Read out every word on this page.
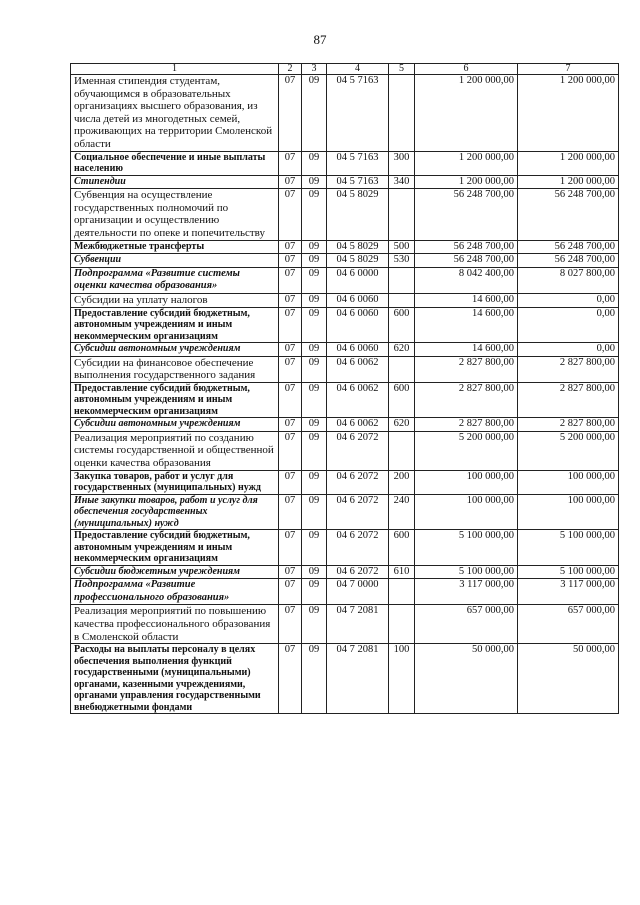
87
1	2	3	4	5	6	7
Именная стипендия студентам, обучающимся в образовательных организациях высшего образования, из числа детей из многодетных семей, проживающих на территории Смоленской области	07	09	04 5 7163		1 200 000,00	1 200 000,00
Социальное обеспечение и иные выплаты населению	07	09	04 5 7163	300	1 200 000,00	1 200 000,00
Стипендии	07	09	04 5 7163	340	1 200 000,00	1 200 000,00
Субвенция на осуществление государственных полномочий по организации и осуществлению деятельности по опеке и попечительству	07	09	04 5 8029		56 248 700,00	56 248 700,00
Межбюджетные трансферты	07	09	04 5 8029	500	56 248 700,00	56 248 700,00
Субвенции	07	09	04 5 8029	530	56 248 700,00	56 248 700,00
Подпрограмма «Развитие системы оценки качества образования»	07	09	04 6 0000		8 042 400,00	8 027 800,00
Субсидии на уплату налогов	07	09	04 6 0060		14 600,00	0,00
Предоставление субсидий бюджетным, автономным учреждениям и иным некоммерческим организациям	07	09	04 6 0060	600	14 600,00	0,00
Субсидии автономным учреждениям	07	09	04 6 0060	620	14 600,00	0,00
Субсидии на финансовое обеспечение выполнения государственного задания	07	09	04 6 0062		2 827 800,00	2 827 800,00
Предоставление субсидий бюджетным, автономным учреждениям и иным некоммерческим организациям	07	09	04 6 0062	600	2 827 800,00	2 827 800,00
Субсидии автономным учреждениям	07	09	04 6 0062	620	2 827 800,00	2 827 800,00
Реализация мероприятий по созданию системы государственной и общественной оценки качества образования	07	09	04 6 2072		5 200 000,00	5 200 000,00
Закупка товаров, работ и услуг для государственных (муниципальных) нужд	07	09	04 6 2072	200	100 000,00	100 000,00
Иные закупки товаров, работ и услуг для обеспечения государственных (муниципальных) нужд	07	09	04 6 2072	240	100 000,00	100 000,00
Предоставление субсидий бюджетным, автономным учреждениям и иным некоммерческим организациям	07	09	04 6 2072	600	5 100 000,00	5 100 000,00
Субсидии бюджетным учреждениям	07	09	04 6 2072	610	5 100 000,00	5 100 000,00
Подпрограмма «Развитие профессионального образования»	07	09	04 7 0000		3 117 000,00	3 117 000,00
Реализация мероприятий по повышению качества профессионального образования в Смоленской области	07	09	04 7 2081		657 000,00	657 000,00
Расходы на выплаты персоналу в целях обеспечения выполнения функций государственными (муниципальными) органами, казенными учреждениями, органами управления государственными внебюджетными фондами	07	09	04 7 2081	100	50 000,00	50 000,00
